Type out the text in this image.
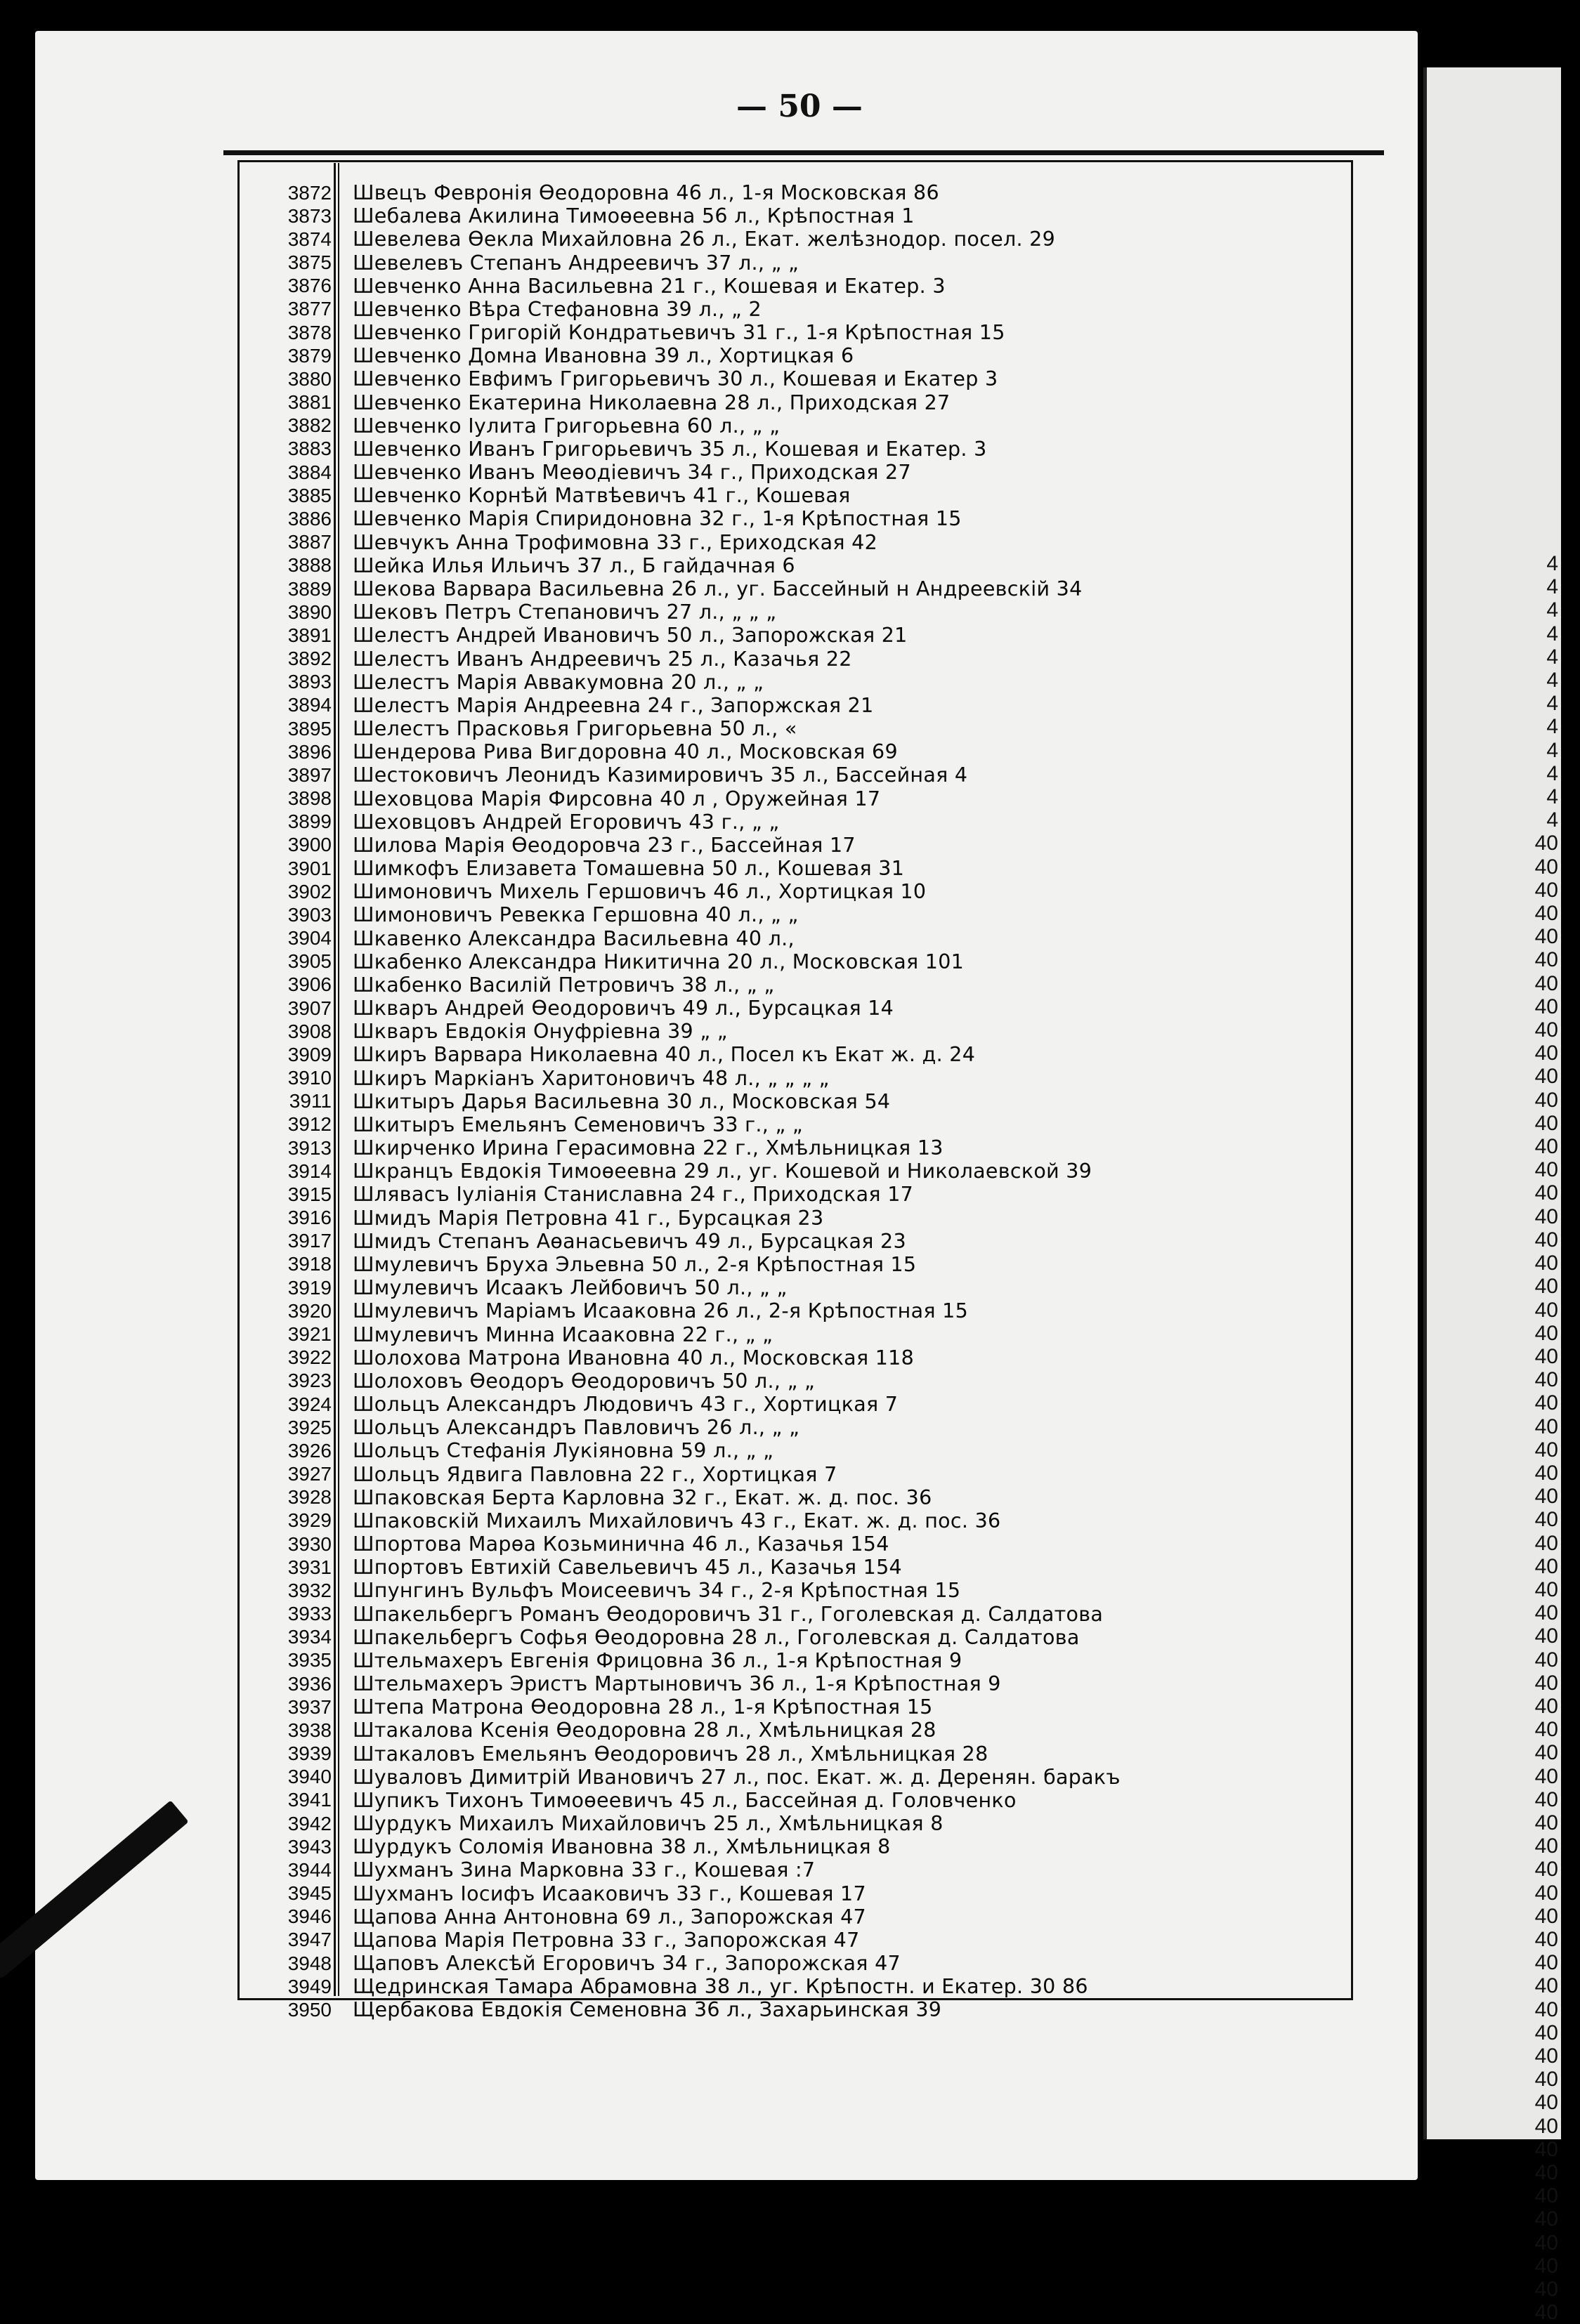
4
4
4
4
4
4
4
4
4
4
4
4
40
40
40
40
40
40
40
40
40
40
40
40
40
40
40
40
40
40
40
40
40
40
40
40
40
40
40
40
40
40
40
40
40
40
40
40
40
40
40
40
40
40
40
40
40
40
40
40
40
40
40
40
40
40
40
40
40
40
40
40
40
40
40
40
— 50 —
3872 Швецъ Февронія Өеодоровна 46 л., 1-я Московская 86
3873 Шебалева Акилина Тимоѳеевна 56 л., Крѣпостная 1
3874 Шевелева Өекла Михайловна 26 л., Екат. желѣзнодор. посел. 29
3875 Шевелевъ Степанъ Андреевичъ 37 л., „ „
3876 Шевченко Анна Васильевна 21 г., Кошевая и Екатер. 3
3877 Шевченко Вѣра Стефановна 39 л., „ 2
3878 Шевченко Григорій Кондратьевичъ 31 г., 1-я Крѣпостная 15
3879 Шевченко Домна Ивановна 39 л., Хортицкая 6
3880 Шевченко Евфимъ Григорьевичъ 30 л., Кошевая и Екатер 3
3881 Шевченко Екатерина Николаевна 28 л., Приходская 27
3882 Шевченко Іулита Григорьевна 60 л., „ „
3883 Шевченко Иванъ Григорьевичъ 35 л., Кошевая и Екатер. 3
3884 Шевченко Иванъ Меѳодіевичъ 34 г., Приходская 27
3885 Шевченко Корнѣй Матвѣевичъ 41 г., Кошевая
3886 Шевченко Марія Спиридоновна 32 г., 1-я Крѣпостная 15
3887 Шевчукъ Анна Трофимовна 33 г., Ериходская 42
3888 Шейка Илья Ильичъ 37 л., Б гайдачная 6
3889 Шекова Варвара Васильевна 26 л., уг. Бассейный н Андреевскій 34
3890 Шековъ Петръ Степановичъ 27 л., „ „ „
3891 Шелестъ Андрей Ивановичъ 50 л., Запорожская 21
3892 Шелестъ Иванъ Андреевичъ 25 л., Казачья 22
3893 Шелестъ Марія Аввакумовна 20 л., „ „
3894 Шелестъ Марія Андреевна 24 г., Запоржская 21
3895 Шелестъ Прасковья Григорьевна 50 л., «
3896 Шендерова Рива Вигдоровна 40 л., Московская 69
3897 Шестоковичъ Леонидъ Казимировичъ 35 л., Бассейная 4
3898 Шеховцова Марія Фирсовна 40 л , Оружейная 17
3899 Шеховцовъ Андрей Егоровичъ 43 г., „ „
3900 Шилова Марія Өеодоровча 23 г., Бассейная 17
3901 Шимкофъ Елизавета Томашевна 50 л., Кошевая 31
3902 Шимоновичъ Михель Гершовичъ 46 л., Хортицкая 10
3903 Шимоновичъ Ревекка Гершовна 40 л., „ „
3904 Шкавенко Александра Васильевна 40 л.,
3905 Шкабенко Александра Никитична 20 л., Московская 101
3906 Шкабенко Василій Петровичъ 38 л., „ „
3907 Шкваръ Андрей Өеодоровичъ 49 л., Бурсацкая 14
3908 Шкваръ Евдокія Онуфріевна 39 „ „
3909 Шкиръ Варвара Николаевна 40 л., Посел къ Екат ж. д. 24
3910 Шкиръ Маркіанъ Харитоновичъ 48 л., „ „ „ „
3911 Шкитыръ Дарья Васильевна 30 л., Московская 54
3912 Шкитыръ Емельянъ Семеновичъ 33 г., „ „
3913 Шкирченко Ирина Герасимовна 22 г., Хмѣльницкая 13
3914 Шкранцъ Евдокія Тимоѳеевна 29 л., уг. Кошевой и Николаевской 39
3915 Шлявасъ Іуліанія Станиславна 24 г., Приходская 17
3916 Шмидъ Марія Петровна 41 г., Бурсацкая 23
3917 Шмидъ Степанъ Аѳанасьевичъ 49 л., Бурсацкая 23
3918 Шмулевичъ Бруха Эльевна 50 л., 2-я Крѣпостная 15
3919 Шмулевичъ Исаакъ Лейбовичъ 50 л., „ „
3920 Шмулевичъ Маріамъ Исааковна 26 л., 2-я Крѣпостная 15
3921 Шмулевичъ Минна Исааковна 22 г., „ „
3922 Шолохова Матрона Ивановна 40 л., Московская 118
3923 Шолоховъ Өеодоръ Өеодоровичъ 50 л., „ „
3924 Шольцъ Александръ Людовичъ 43 г., Хортицкая 7
3925 Шольцъ Александръ Павловичъ 26 л., „ „
3926 Шольцъ Стефанія Лукіяновна 59 л., „ „
3927 Шольцъ Ядвига Павловна 22 г., Хортицкая 7
3928 Шпаковская Берта Карловна 32 г., Екат. ж. д. пос. 36
3929 Шпаковскій Михаилъ Михайловичъ 43 г., Екат. ж. д. пос. 36
3930 Шпортова Марѳа Козьминична 46 л., Казачья 154
3931 Шпортовъ Евтихій Савельевичъ 45 л., Казачья 154
3932 Шпунгинъ Вульфъ Моисеевичъ 34 г., 2-я Крѣпостная 15
3933 Шпакельбергъ Романъ Өеодоровичъ 31 г., Гоголевская д. Салдатова
3934 Шпакельбергъ Софья Өеодоровна 28 л., Гоголевская д. Салдатова
3935 Штельмахеръ Евгенія Фрицовна 36 л., 1-я Крѣпостная 9
3936 Штельмахеръ Эристъ Мартыновичъ 36 л., 1-я Крѣпостная 9
3937 Штепа Матрона Өеодоровна 28 л., 1-я Крѣпостная 15
3938 Штакалова Ксенія Өеодоровна 28 л., Хмѣльницкая 28
3939 Штакаловъ Емельянъ Өеодоровичъ 28 л., Хмѣльницкая 28
3940 Шуваловъ Димитрій Ивановичъ 27 л., пос. Екат. ж. д. Деренян. баракъ
3941 Шупикъ Тихонъ Тимоѳеевичъ 45 л., Бассейная д. Головченко
3942 Шурдукъ Михаилъ Михайловичъ 25 л., Хмѣльницкая 8
3943 Шурдукъ Соломія Ивановна 38 л., Хмѣльницкая 8
3944 Шухманъ Зина Марковна 33 г., Кошевая :7
3945 Шухманъ Іосифъ Исааковичъ 33 г., Кошевая 17
3946 Щапова Анна Антоновна 69 л., Запорожская 47
3947 Щапова Марія Петровна 33 г., Запорожская 47
3948 Щаповъ Алексѣй Егоровичъ 34 г., Запорожская 47
3949 Щедринская Тамара Абрамовна 38 л., уг. Крѣпостн. и Екатер. 30 86
3950 Щербакова Евдокія Семеновна 36 л., Захарьинская 39
